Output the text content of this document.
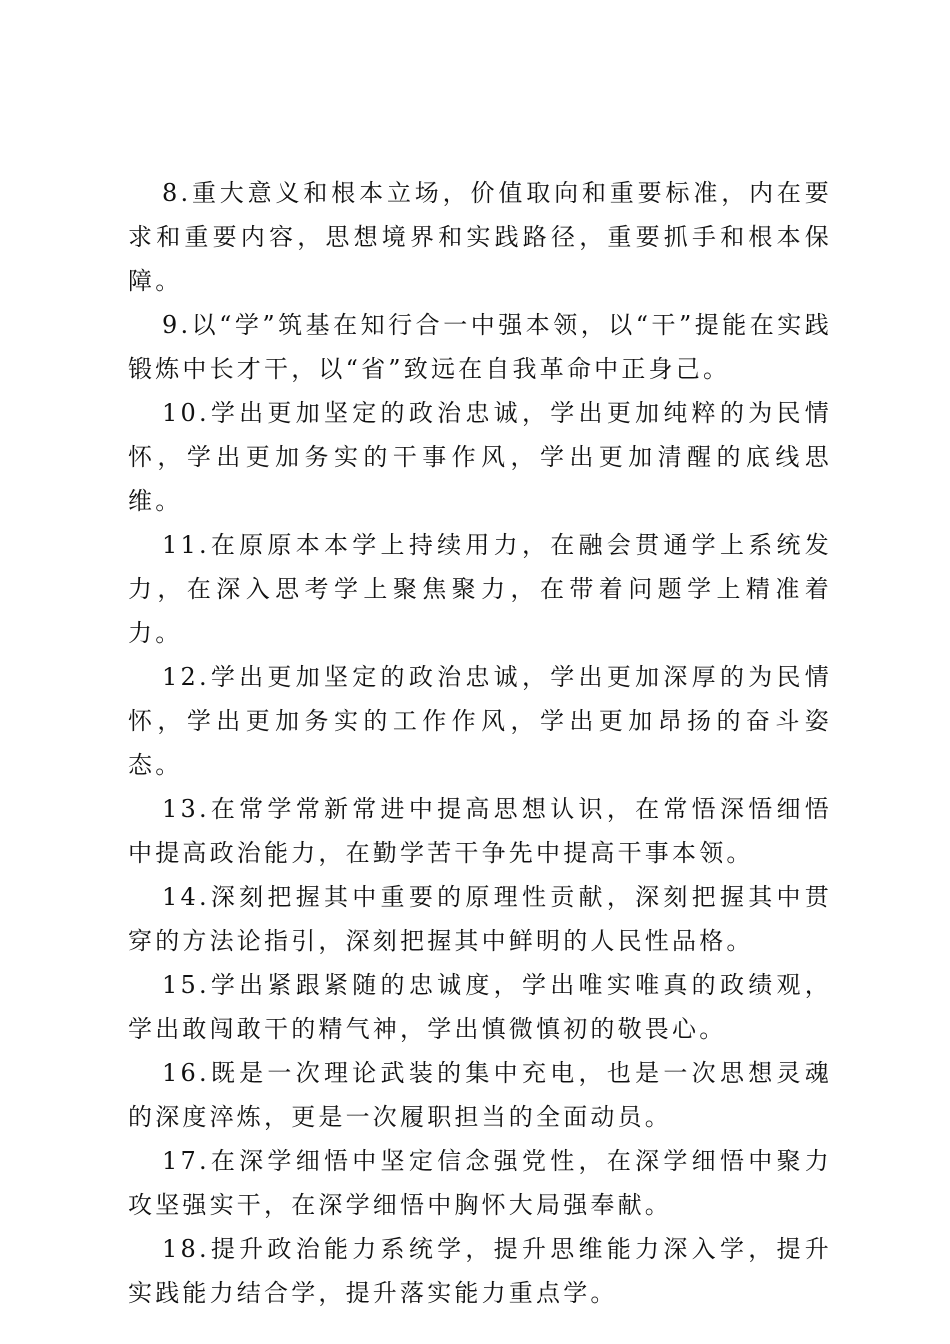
8.重大意义和根本立场，价值取向和重要标准，内在要求和重要内容，思想境界和实践路径，重要抓手和根本保障。

9.以“学”筑基在知行合一中强本领，以“干”提能在实践锻炼中长才干，以“省”致远在自我革命中正身己。

10.学出更加坚定的政治忠诚，学出更加纯粹的为民情怀，学出更加务实的干事作风，学出更加清醒的底线思维。

11.在原原本本学上持续用力，在融会贯通学上系统发力，在深入思考学上聚焦聚力，在带着问题学上精准着力。

12.学出更加坚定的政治忠诚，学出更加深厚的为民情怀，学出更加务实的工作作风，学出更加昂扬的奋斗姿态。

13.在常学常新常进中提高思想认识，在常悟深悟细悟中提高政治能力，在勤学苦干争先中提高干事本领。

14.深刻把握其中重要的原理性贡献，深刻把握其中贯穿的方法论指引，深刻把握其中鲜明的人民性品格。

15.学出紧跟紧随的忠诚度，学出唯实唯真的政绩观，学出敢闯敢干的精气神，学出慎微慎初的敬畏心。

16.既是一次理论武装的集中充电，也是一次思想灵魂的深度淬炼，更是一次履职担当的全面动员。

17.在深学细悟中坚定信念强党性，在深学细悟中聚力攻坚强实干，在深学细悟中胸怀大局强奉献。

18.提升政治能力系统学，提升思维能力深入学，提升实践能力结合学，提升落实能力重点学。
